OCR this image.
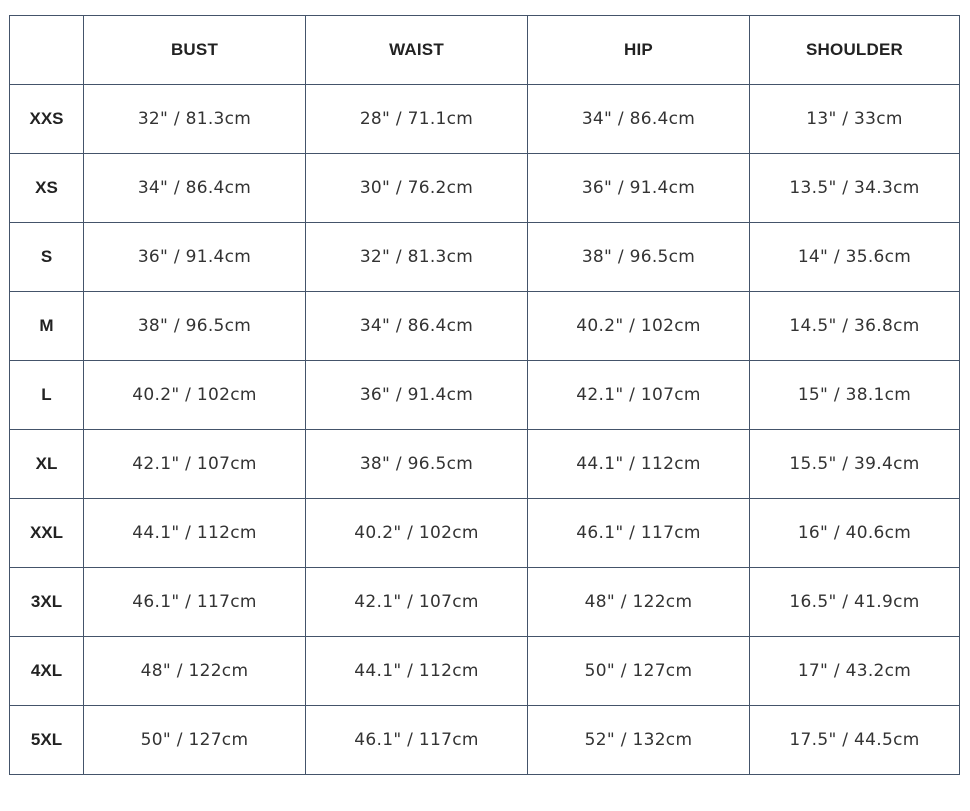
	BUST	WAIST	HIP	SHOULDER
XXS	32" / 81.3cm	28" / 71.1cm	34" / 86.4cm	13" / 33cm
XS	34" / 86.4cm	30" / 76.2cm	36" / 91.4cm	13.5" / 34.3cm
S	36" / 91.4cm	32" / 81.3cm	38" / 96.5cm	14" / 35.6cm
M	38" / 96.5cm	34" / 86.4cm	40.2" / 102cm	14.5" / 36.8cm
L	40.2" / 102cm	36" / 91.4cm	42.1" / 107cm	15" / 38.1cm
XL	42.1" / 107cm	38" / 96.5cm	44.1" / 112cm	15.5" / 39.4cm
XXL	44.1" / 112cm	40.2" / 102cm	46.1" / 117cm	16" / 40.6cm
3XL	46.1" / 117cm	42.1" / 107cm	48" / 122cm	16.5" / 41.9cm
4XL	48" / 122cm	44.1" / 112cm	50" / 127cm	17" / 43.2cm
5XL	50" / 127cm	46.1" / 117cm	52" / 132cm	17.5" / 44.5cm
